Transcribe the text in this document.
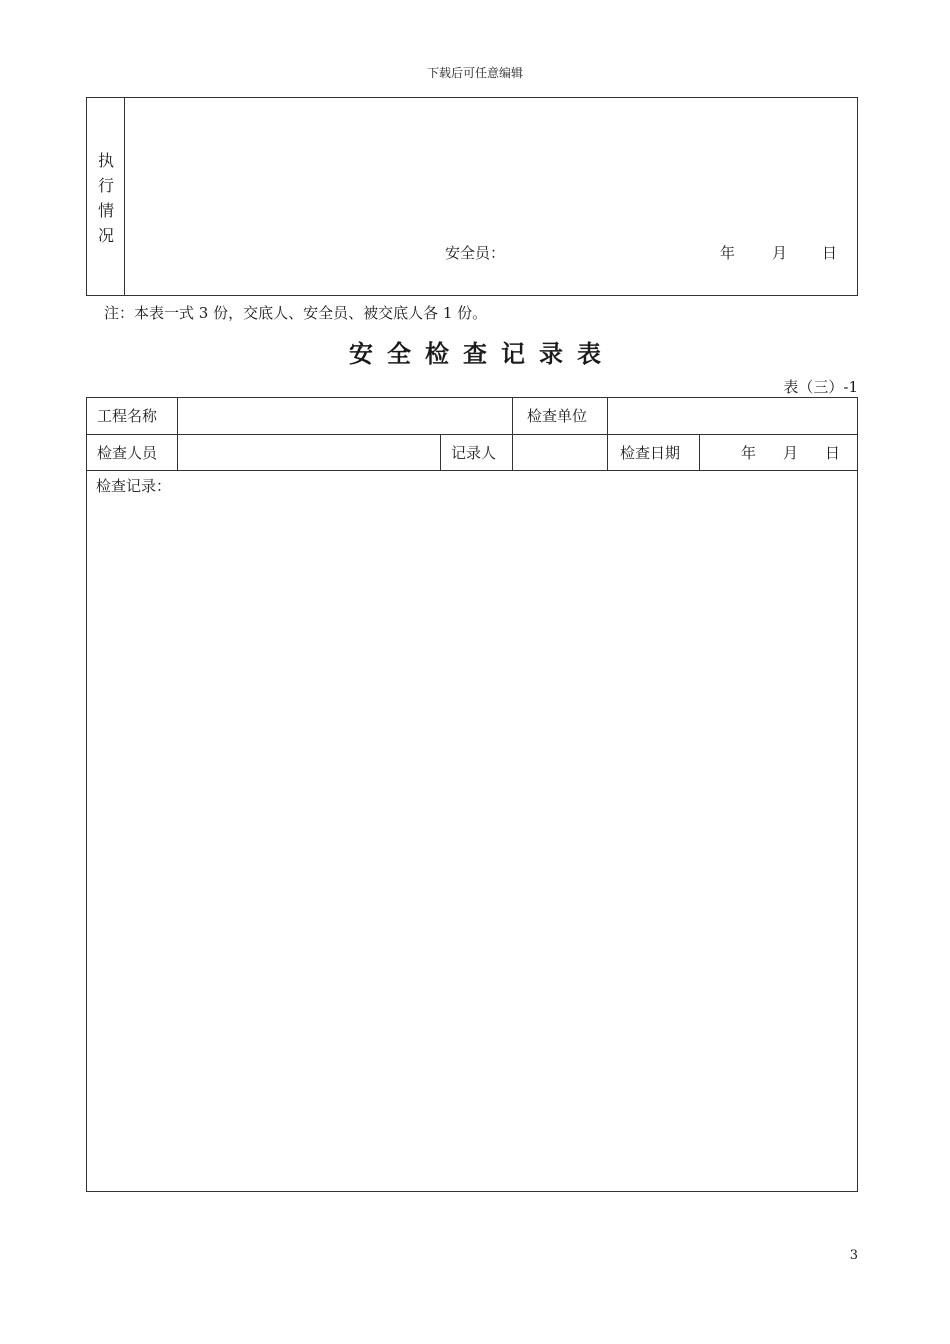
下载后可任意编辑
执
行
情
况
安全员：	年 月 日
注：本表一式 3 份，交底人、安全员、被交底人各 1 份。
安全检查记录表
表（三）-1
工程名称	检查单位
检查人员	记录人	检查日期	年 月 日
检查记录：
3
